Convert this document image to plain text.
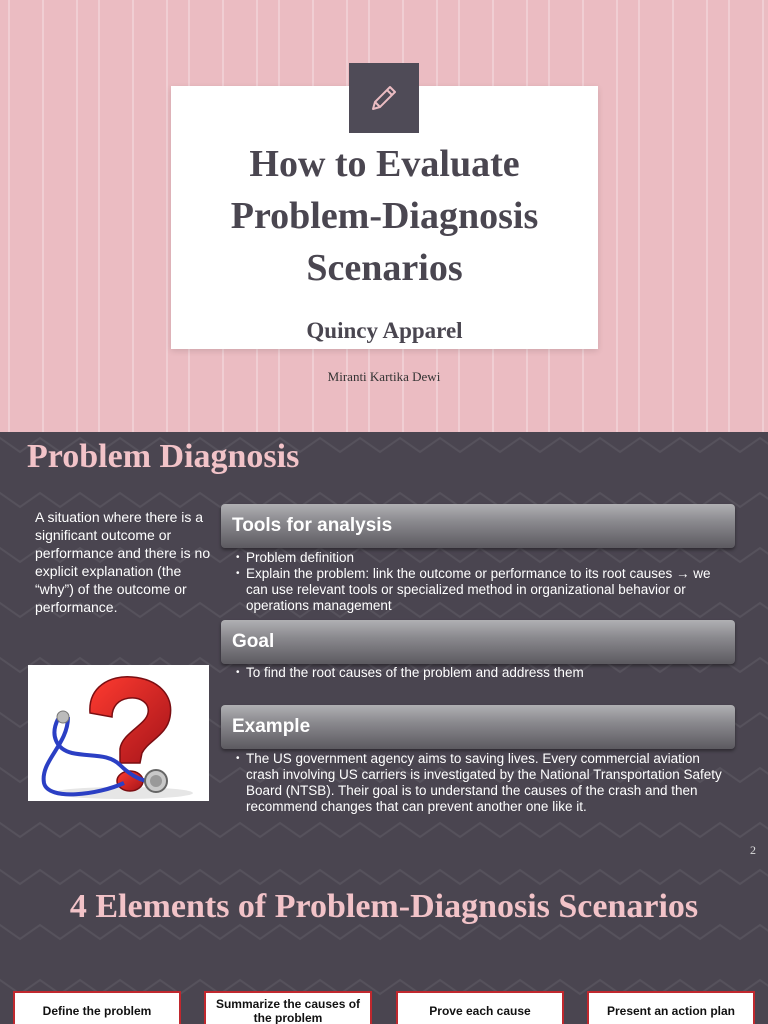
How to Evaluate
Problem-Diagnosis
Scenarios
Quincy Apparel
Miranti Kartika Dewi
Problem Diagnosis
A situation where there is a significant outcome or performance and there is no explicit explanation (the “why”) of the outcome or performance.
Tools for analysis
• Problem definition
• Explain the problem: link the outcome or performance to its root causes → we can use relevant tools or specialized method in organizational behavior or operations management
Goal
• To find the root causes of the problem and address them
Example
• The US government agency aims to saving lives. Every commercial aviation crash involving US carriers is investigated by the National Transportation Safety Board (NTSB). Their goal is to understand the causes of the crash and then recommend changes that can prevent another one like it.
2
4 Elements of Problem-Diagnosis Scenarios
Define the problem	Summarize the causes of the problem	Prove each cause	Present an action plan
